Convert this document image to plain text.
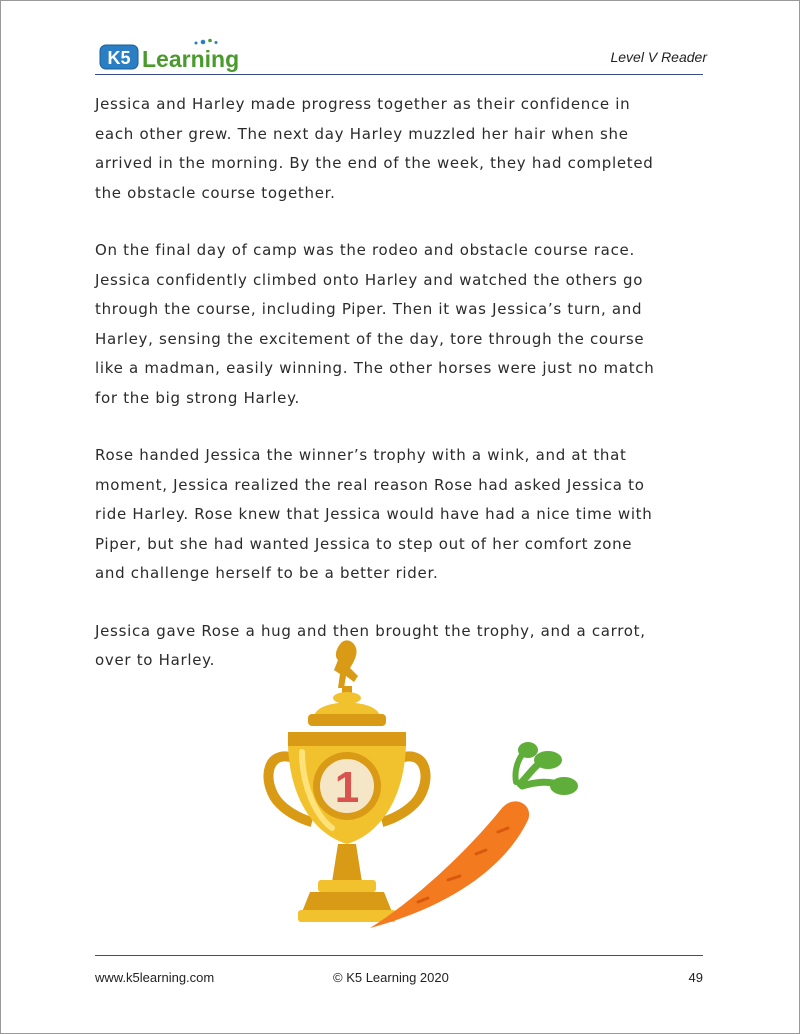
K5 Learning	Level V Reader

Jessica and Harley made progress together as their confidence in
each other grew. The next day Harley muzzled her hair when she
arrived in the morning. By the end of the week, they had completed
the obstacle course together.

On the final day of camp was the rodeo and obstacle course race.
Jessica confidently climbed onto Harley and watched the others go
through the course, including Piper. Then it was Jessica’s turn, and
Harley, sensing the excitement of the day, tore through the course
like a madman, easily winning. The other horses were just no match
for the big strong Harley.

Rose handed Jessica the winner’s trophy with a wink, and at that
moment, Jessica realized the real reason Rose had asked Jessica to
ride Harley. Rose knew that Jessica would have had a nice time with
Piper, but she had wanted Jessica to step out of her comfort zone
and challenge herself to be a better rider.

Jessica gave Rose a hug and then brought the trophy, and a carrot,
over to Harley.

1
www.k5learning.com	© K5 Learning 2020	49
